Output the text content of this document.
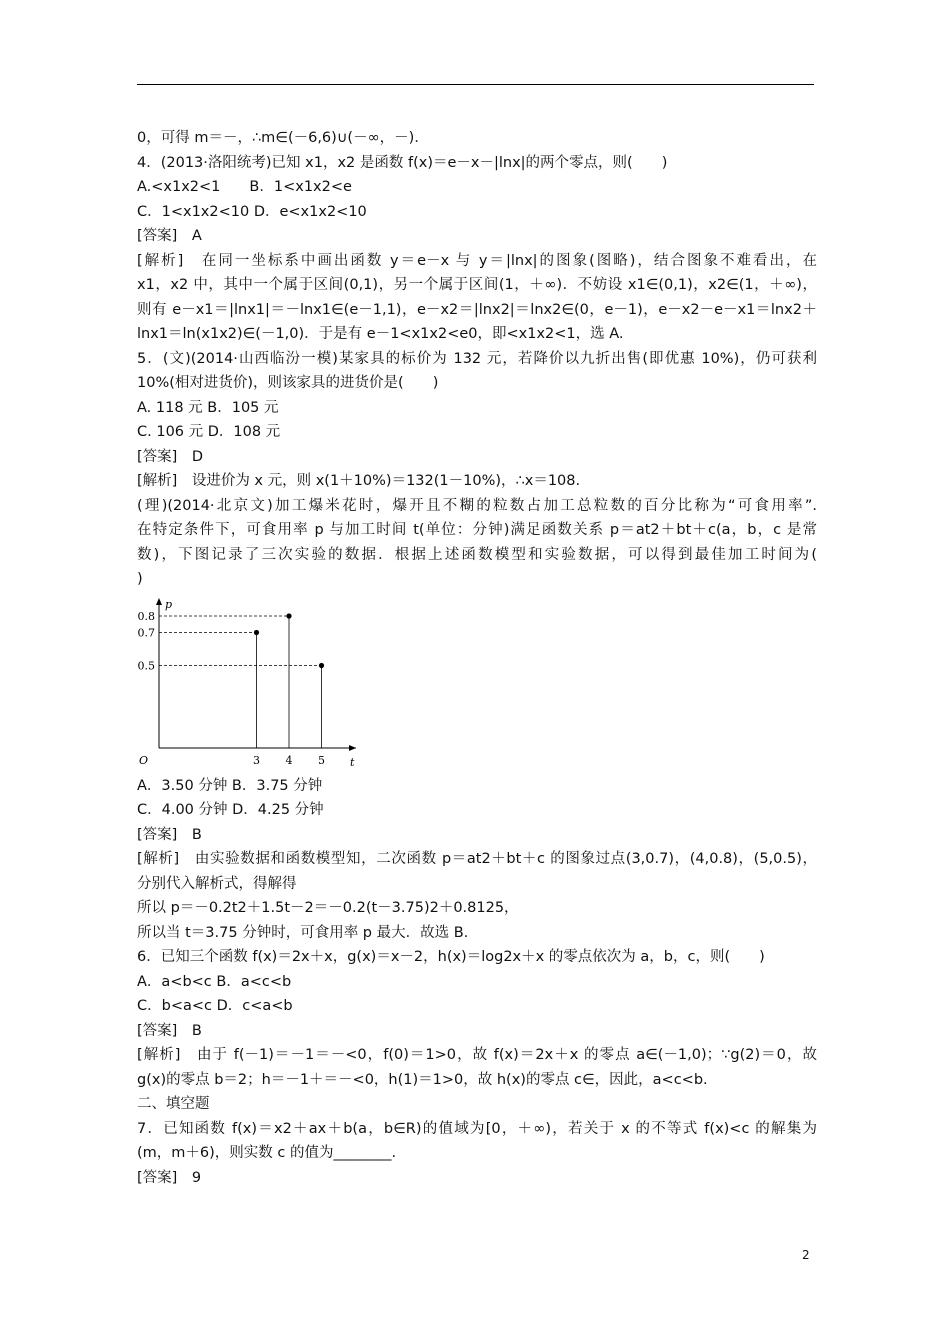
0，可得 m＝－，∴m∈(－6,6)∪(－∞，－)．

4．(2013·洛阳统考)已知 x1，x2 是函数 f(x)＝e－x－|lnx|的两个零点，则(　　)

A.<x1x2<1　　B．1<x1x2<e

C．1<x1x2<10 D．e<x1x2<10

[答案]　A

[解析]　在同一坐标系中画出函数 y＝e－x 与 y＝|lnx|的图象(图略)，结合图象不难看出，在

x1，x2 中，其中一个属于区间(0,1)，另一个属于区间(1，＋∞)．不妨设 x1∈(0,1)，x2∈(1，＋∞)，

则有 e－x1＝|lnx1|＝－lnx1∈(e－1,1)，e－x2＝|lnx2|＝lnx2∈(0，e－1)，e－x2－e－x1＝lnx2＋

lnx1＝ln(x1x2)∈(－1,0)．于是有 e－1<x1x2<e0，即<x1x2<1，选 A.

5．(文)(2014·山西临汾一模)某家具的标价为 132 元，若降价以九折出售(即优惠 10%)，仍可获利

10%(相对进货价)，则该家具的进货价是(　　)

A. 118 元 B．105 元

C. 106 元 D．108 元

[答案]　D

[解析]　设进价为 x 元，则 x(1＋10%)＝132(1－10%)，∴x＝108.

(理)(2014·北京文)加工爆米花时，爆开且不糊的粒数占加工总粒数的百分比称为“可食用率”.

在特定条件下，可食用率 p 与加工时间 t(单位：分钟)满足函数关系 p＝at2＋bt＋c(a，b，c 是常

数)，下图记录了三次实验的数据．根据上述函数模型和实验数据，可以得到最佳加工时间为(

)

p
t
O
0.5
0.7
0.8
3 4 5

A．3.50 分钟 B．3.75 分钟

C．4.00 分钟 D．4.25 分钟

[答案]　B

[解析]　由实验数据和函数模型知，二次函数 p＝at2＋bt＋c 的图象过点(3,0.7)，(4,0.8)，(5,0.5)，

分别代入解析式，得解得

所以 p＝－0.2t2＋1.5t－2＝－0.2(t－3.75)2＋0.8125，

所以当 t＝3.75 分钟时，可食用率 p 最大．故选 B.

6．已知三个函数 f(x)＝2x＋x，g(x)＝x－2，h(x)＝log2x＋x 的零点依次为 a，b，c，则(　　)

A．a<b<c B．a<c<b

C．b<a<c D．c<a<b

[答案]　B

[解析]　由于 f(－1)＝－1＝－<0，f(0)＝1>0，故 f(x)＝2x＋x 的零点 a∈(－1,0)；∵g(2)＝0，故

g(x)的零点 b＝2；h＝－1＋＝－<0，h(1)＝1>0，故 h(x)的零点 c∈，因此，a<c<b.

二、填空题

7．已知函数 f(x)＝x2＋ax＋b(a，b∈R)的值域为[0，＋∞)，若关于 x 的不等式 f(x)<c 的解集为

(m，m＋6)，则实数 c 的值为________.

[答案]　9

2
